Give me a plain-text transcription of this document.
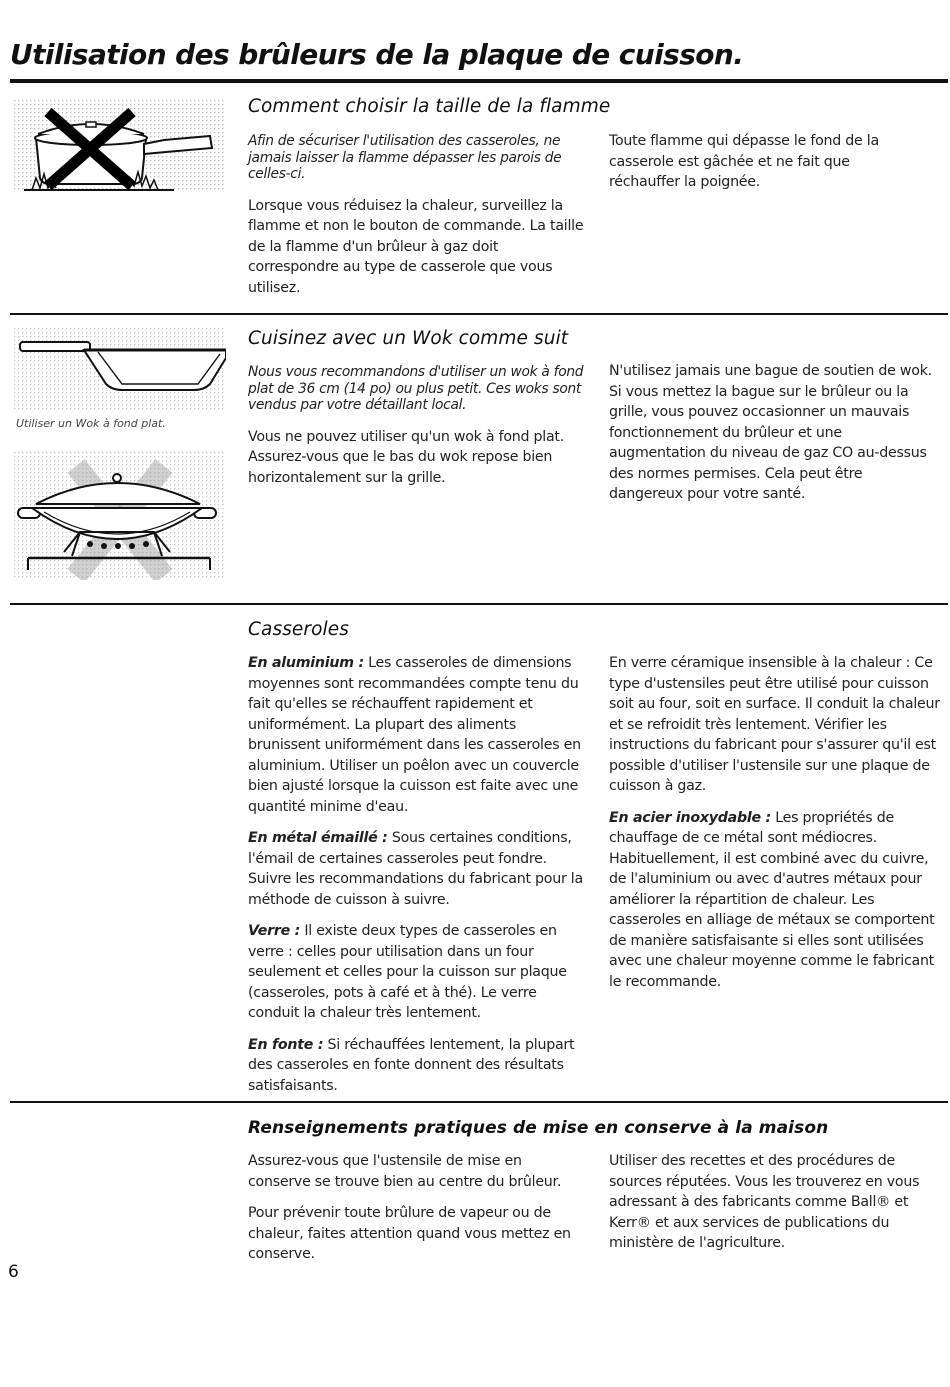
Utilisation des brûleurs de la plaque de cuisson.
Comment choisir la taille de la flamme

Afin de sécuriser l'utilisation des casseroles, ne jamais laisser la flamme dépasser les parois de celles-ci.

Lorsque vous réduisez la chaleur, surveillez la flamme et non le bouton de commande. La taille de la flamme d'un brûleur à gaz doit correspondre au type de casserole que vous utilisez.

Toute flamme qui dépasse le fond de la casserole est gâchée et ne fait que réchauffer la poignée.

Utiliser un Wok à fond plat.
Cuisinez avec un Wok comme suit

Nous vous recommandons d'utiliser un wok à fond plat de 36 cm (14 po) ou plus petit. Ces woks sont vendus par votre détaillant local.

Vous ne pouvez utiliser qu'un wok à fond plat. Assurez-vous que le bas du wok repose bien horizontalement sur la grille.

N'utilisez jamais une bague de soutien de wok. Si vous mettez la bague sur le brûleur ou la grille, vous pouvez occasionner un mauvais fonctionnement du brûleur et une augmentation du niveau de gaz CO au-dessus des normes permises. Cela peut être dangereux pour votre santé.

Casseroles

En aluminium : Les casseroles de dimensions moyennes sont recommandées compte tenu du fait qu'elles se réchauffent rapidement et uniformément. La plupart des aliments brunissent uniformément dans les casseroles en aluminium. Utiliser un poêlon avec un couvercle bien ajusté lorsque la cuisson est faite avec une quantité minime d'eau.

En métal émaillé : Sous certaines conditions, l'émail de certaines casseroles peut fondre. Suivre les recommandations du fabricant pour la méthode de cuisson à suivre.

Verre : Il existe deux types de casseroles en verre : celles pour utilisation dans un four seulement et celles pour la cuisson sur plaque (casseroles, pots à café et à thé). Le verre conduit la chaleur très lentement.

En fonte : Si réchauffées lentement, la plupart des casseroles en fonte donnent des résultats satisfaisants.

En verre céramique insensible à la chaleur : Ce type d'ustensiles peut être utilisé pour cuisson soit au four, soit en surface. Il conduit la chaleur et se refroidit très lentement. Vérifier les instructions du fabricant pour s'assurer qu'il est possible d'utiliser l'ustensile sur une plaque de cuisson à gaz.

En acier inoxydable : Les propriétés de chauffage de ce métal sont médiocres. Habituellement, il est combiné avec du cuivre, de l'aluminium ou avec d'autres métaux pour améliorer la répartition de chaleur. Les casseroles en alliage de métaux se comportent de manière satisfaisante si elles sont utilisées avec une chaleur moyenne comme le fabricant le recommande.

Renseignements pratiques de mise en conserve à la maison

Assurez-vous que l'ustensile de mise en conserve se trouve bien au centre du brûleur.

Pour prévenir toute brûlure de vapeur ou de chaleur, faites attention quand vous mettez en conserve.

Utiliser des recettes et des procédures de sources réputées. Vous les trouverez en vous adressant à des fabricants comme Ball® et Kerr® et aux services de publications du ministère de l'agriculture.

6
